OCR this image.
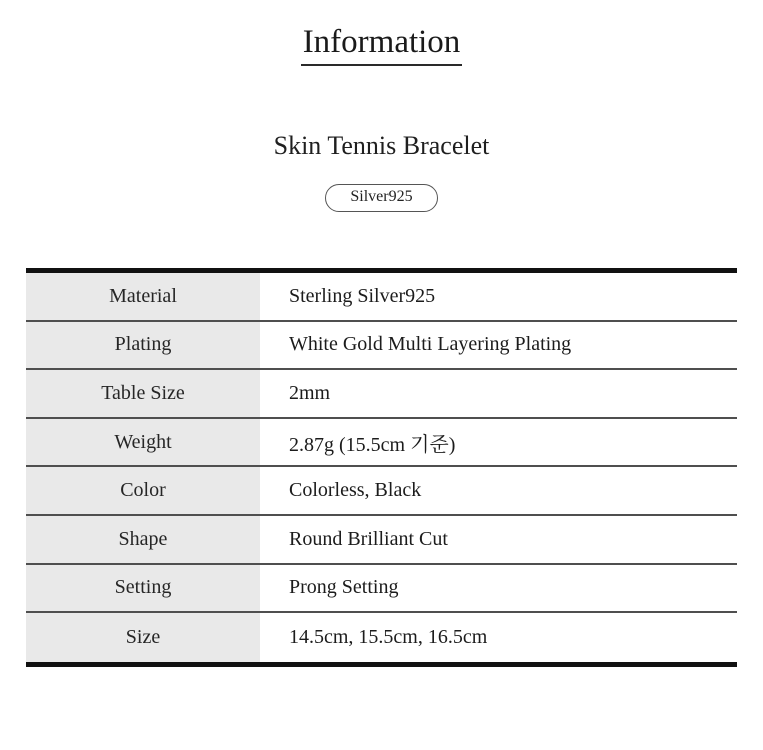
Information
Skin Tennis Bracelet
Silver925
Material	Sterling Silver925
Plating	White Gold Multi Layering Plating
Table Size	2mm
Weight	2.87g (15.5cm 기준)
Color	Colorless, Black
Shape	Round Brilliant Cut
Setting	Prong Setting
Size	14.5cm, 15.5cm, 16.5cm
